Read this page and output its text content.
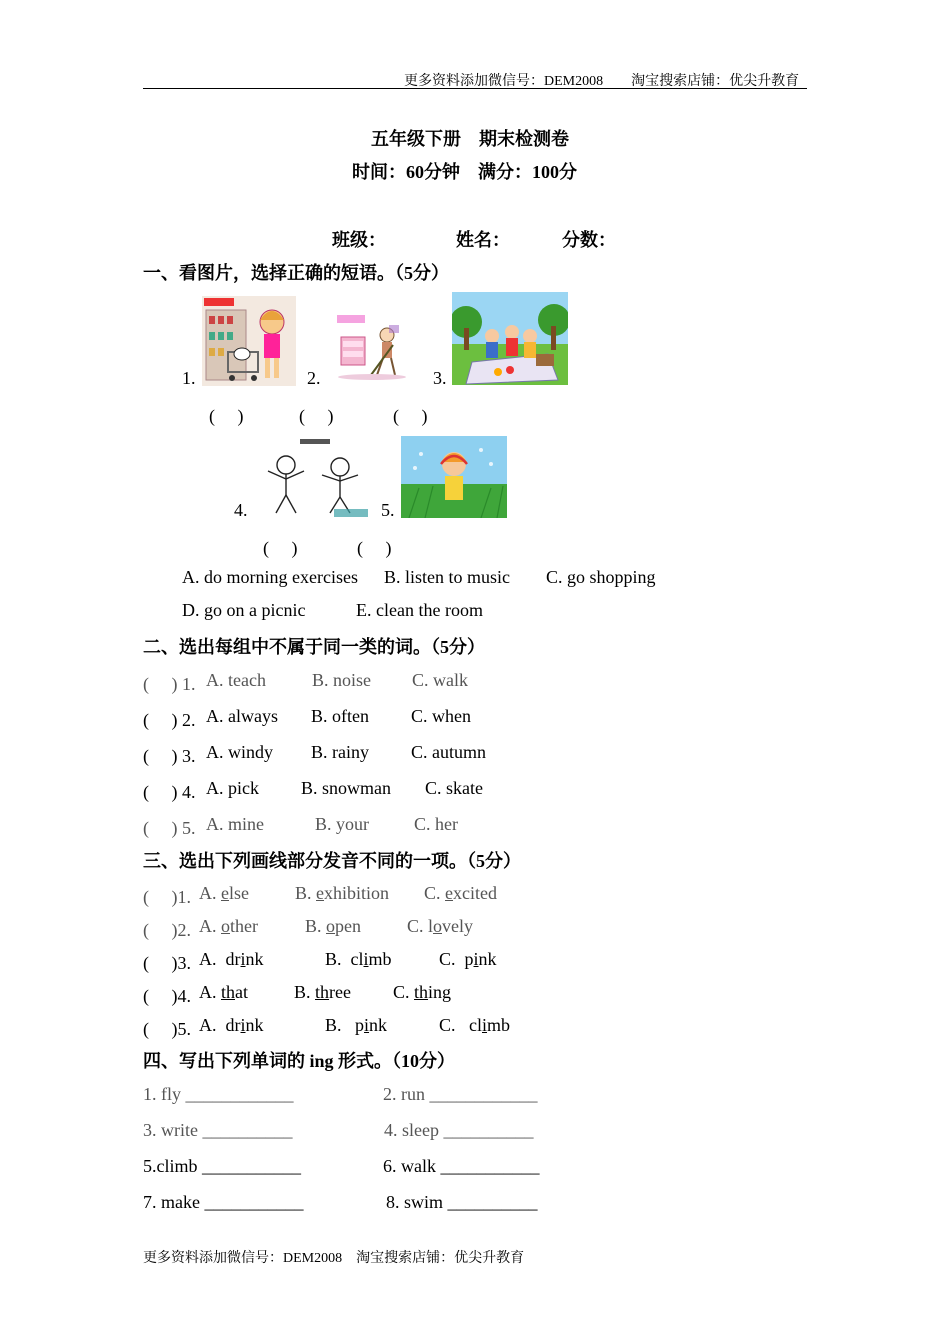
更多资料添加微信号：DEM2008　　淘宝搜索店铺：优尖升教育
五年级下册　期末检测卷
时间：60分钟　满分：100分
班级：	姓名：	分数：
一、看图片，选择正确的短语。（5分）
1.	2.	3.
(　 )	(　 )	(　 )
4.	5.
(　 )	(　 )
A. do morning exercises B. listen to music C. go shopping
D. go on a picnic	E. clean the room
二、选出每组中不属于同一类的词。（5分）
(　 ) 1. A. teach	B. noise C. walk
(　 ) 2. A. always B. often C. when
(　 ) 3. A. windy B. rainy C. autumn
(　 ) 4. A. pick B. snowman C. skate
(　 ) 5. A. mine	B. your	C. her
三、选出下列画线部分发音不同的一项。（5分）
(　 )1. A. else	B. exhibition C. excited
(　 )2. A. other	B. open	C. lovely
(　 )3. A.  drink	B.  climb	C.  pink
(　 )4. A. that	B. three C. thing
(　 )5. A.  drink	B.   pink	C.   climb
四、写出下列单词的 ing 形式。（10分）
1. fly ____________	2. run ____________
3. write __________	4. sleep __________
5.climb ___________	6. walk ___________
7. make ___________	8. swim __________
更多资料添加微信号：DEM2008　淘宝搜索店铺：优尖升教育
